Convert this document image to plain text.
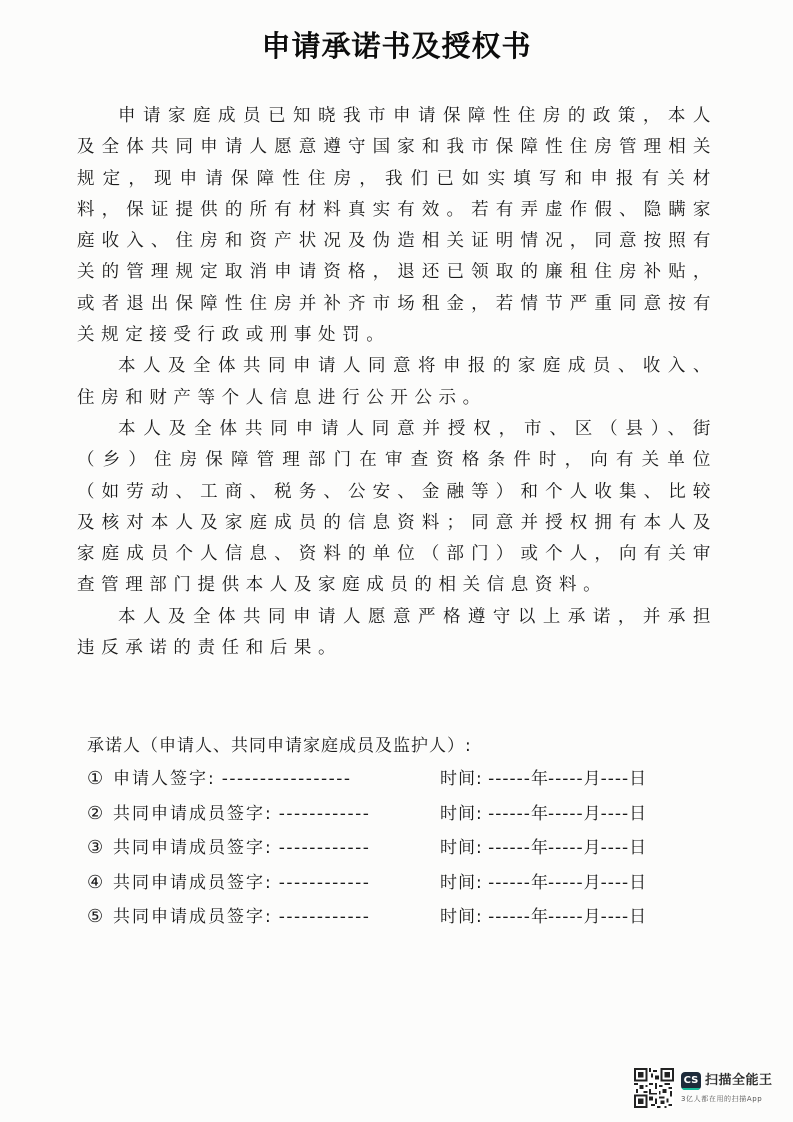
申请承诺书及授权书

申请家庭成员已知晓我市申请保障性住房的政策，本人及全体共同申请人愿意遵守国家和我市保障性住房管理相关规定，现申请保障性住房，我们已如实填写和申报有关材料，保证提供的所有材料真实有效。若有弄虚作假、隐瞒家庭收入、住房和资产状况及伪造相关证明情况，同意按照有关的管理规定取消申请资格，退还已领取的廉租住房补贴，或者退出保障性住房并补齐市场租金，若情节严重同意按有关规定接受行政或刑事处罚。

本人及全体共同申请人同意将申报的家庭成员、收入、住房和财产等个人信息进行公开公示。

本人及全体共同申请人同意并授权，市、区（县）、街（乡）住房保障管理部门在审查资格条件时，向有关单位（如劳动、工商、税务、公安、金融等）和个人收集、比较及核对本人及家庭成员的信息资料；同意并授权拥有本人及家庭成员个人信息、资料的单位（部门）或个人，向有关审查管理部门提供本人及家庭成员的相关信息资料。

本人及全体共同申请人愿意严格遵守以上承诺，并承担违反承诺的责任和后果。

承诺人（申请人、共同申请家庭成员及监护人）:
① 申请人签字: -----------------	时间: ------年-----月----日
② 共同申请成员签字: ------------	时间: ------年-----月----日
③ 共同申请成员签字: ------------	时间: ------年-----月----日
④ 共同申请成员签字: ------------	时间: ------年-----月----日
⑤ 共同申请成员签字: ------------	时间: ------年-----月----日
CS 扫描全能王
3亿人都在用的扫描App
